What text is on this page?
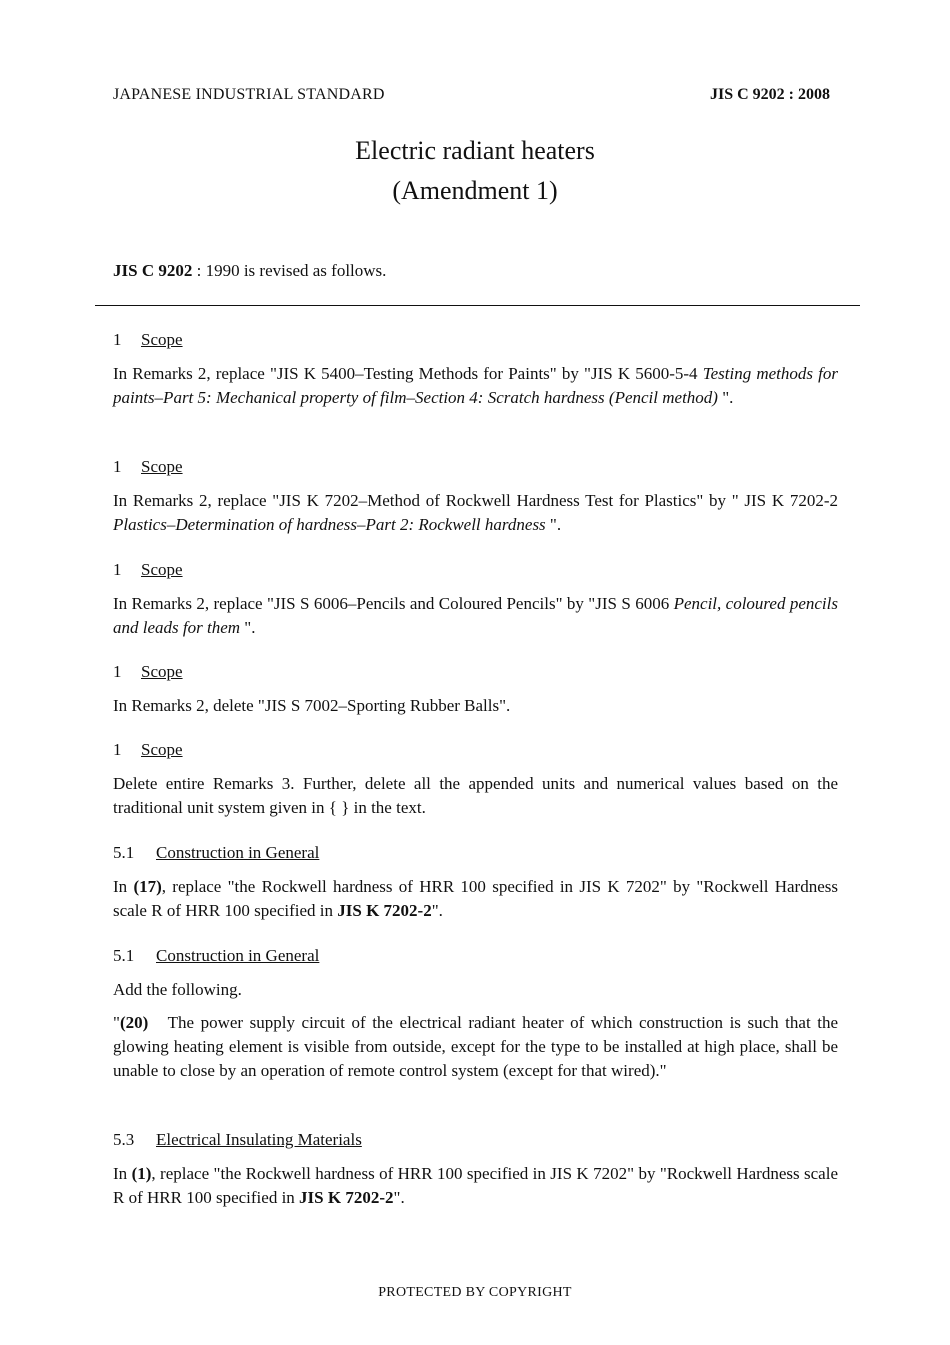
JAPANESE INDUSTRIAL STANDARD	JIS C 9202 : 2008
Electric radiant heaters
(Amendment 1)
JIS C 9202 : 1990 is revised as follows.
1 Scope
In Remarks 2, replace "JIS K 5400–Testing Methods for Paints" by "JIS K 5600-5-4 Testing methods for paints–Part 5: Mechanical property of film–Section 4: Scratch hardness (Pencil method) ".
1 Scope
In Remarks 2, replace "JIS K 7202–Method of Rockwell Hardness Test for Plastics" by " JIS K 7202-2 Plastics–Determination of hardness–Part 2: Rockwell hardness ".
1 Scope
In Remarks 2, replace "JIS S 6006–Pencils and Coloured Pencils" by "JIS S 6006 Pencil, coloured pencils and leads for them ".
1 Scope
In Remarks 2, delete "JIS S 7002–Sporting Rubber Balls".
1 Scope
Delete entire Remarks 3. Further, delete all the appended units and numerical values based on the traditional unit system given in { } in the text.
5.1 Construction in General
In (17), replace "the Rockwell hardness of HRR 100 specified in JIS K 7202" by "Rockwell Hardness scale R of HRR 100 specified in JIS K 7202-2".
5.1 Construction in General
Add the following.
"(20)   The power supply circuit of the electrical radiant heater of which construction is such that the glowing heating element is visible from outside, except for the type to be installed at high place, shall be unable to close by an operation of remote control system (except for that wired)."
5.3 Electrical Insulating Materials
In (1), replace "the Rockwell hardness of HRR 100 specified in JIS K 7202" by "Rockwell Hardness scale R of HRR 100 specified in JIS K 7202-2".
PROTECTED BY COPYRIGHT
